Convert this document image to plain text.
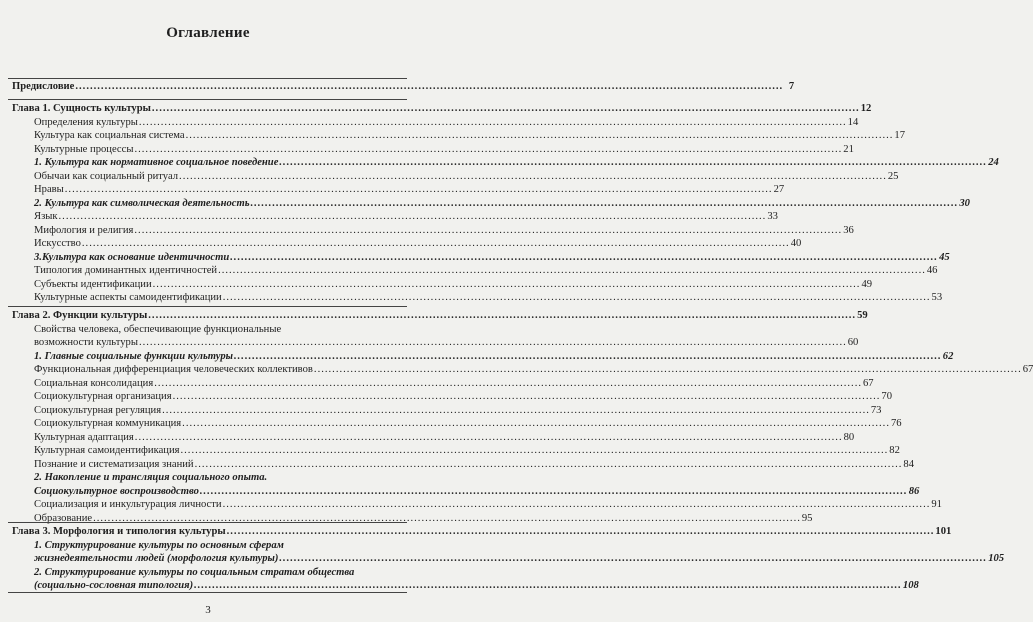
Оглавление
Предисловие .....	7
Глава 1. Сущность культуры .....	12
Определения культуры .....	14
Культура как социальная система .....	17
Культурные процессы .....	21
1. Культура как нормативное социальное поведение .....	24
Обычаи как социальный ритуал .....	25
Нравы .....	27
2. Культура как символическая деятельность .....	30
Язык .....	33
Мифология и религия .....	36
Искусство .....	40
3.Культура как основание идентичности .....	45
Типология доминантных идентичностей .....	46
Субъекты идентификации .....	49
Культурные аспекты самоидентификации .....	53
Глава 2. Функции культуры .....	59
Свойства человека, обеспечивающие функциональные
возможности культуры .....	60
1. Главные социальные функции культуры .....	62
Функциональная дифференциация человеческих коллективов .....	67
Социальная консолидация .....	67
Социокультурная организация .....	70
Социокультурная регуляция .....	73
Социокультурная коммуникация .....	76
Культурная адаптация .....	80
Культурная самоидентификация .....	82
Познание и систематизация знаний .....	84
2. Накопление и трансляция социального опыта.
Социокультурное воспроизводство .....	86
Социализация и инкультурация личности .....	91
Образование .....	95
Глава 3. Морфология и типология культуры .....	101
1. Структурирование культуры по основным сферам
жизнедеятельности людей (морфология культуры) .....	105
2. Структурирование культуры по социальным стратам общества
(социально-сословная типология) .....	108
3
